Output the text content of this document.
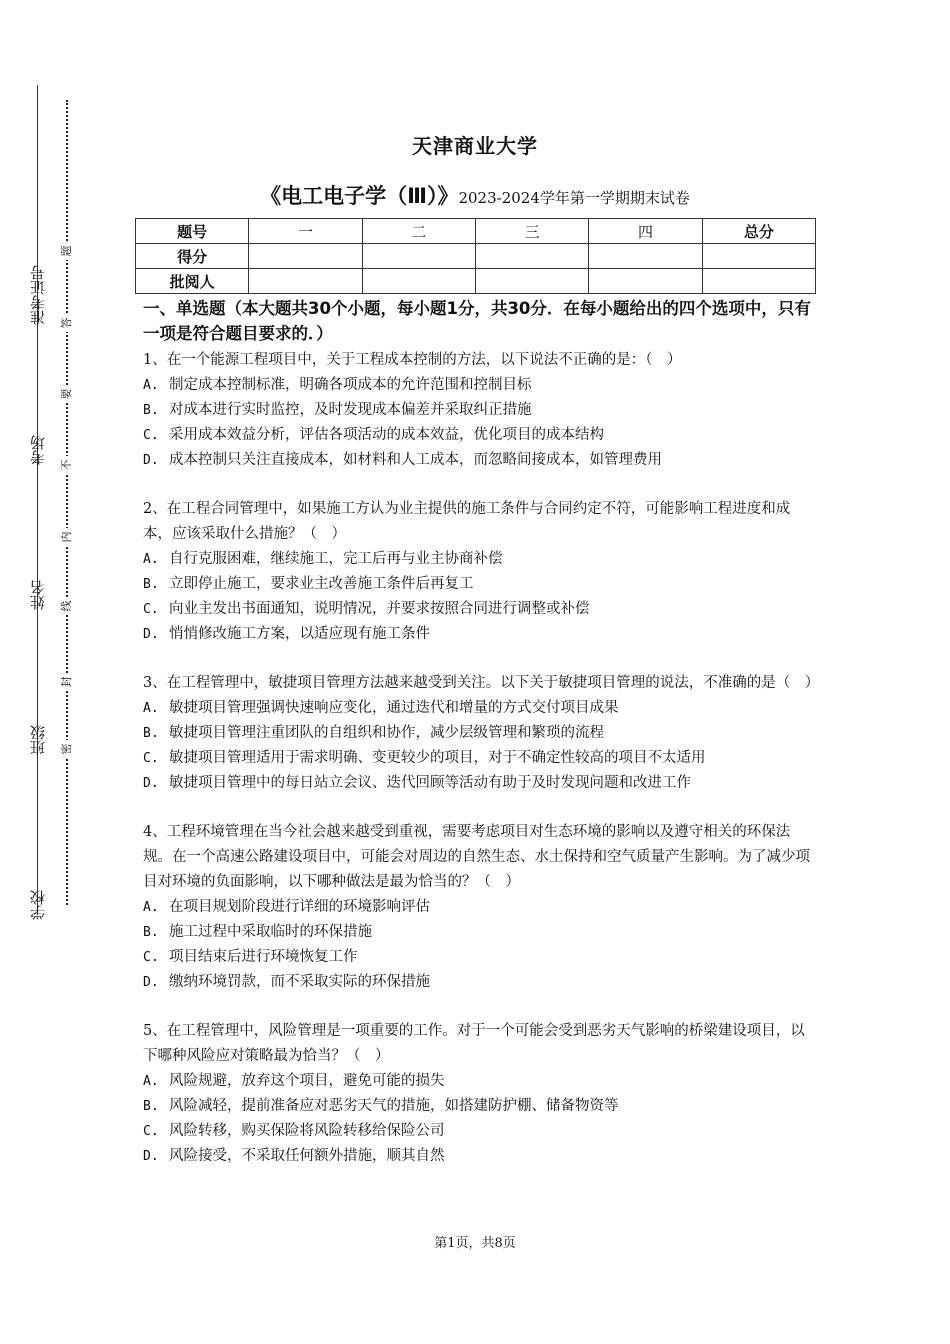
学校
班级
姓名
考场
准考证号
密
封
线
内
不
要
答
题
天津商业大学
《电工电子学（Ⅲ）》2023-2024学年第一学期期末试卷
题号	一	二	三	四	总分
得分					
批阅人					
一、单选题（本大题共30个小题，每小题1分，共30分．在每小题给出的四个选项中，只有一项是符合题目要求的．）
1、在一个能源工程项目中，关于工程成本控制的方法，以下说法不正确的是：（　）
A. 制定成本控制标准，明确各项成本的允许范围和控制目标
B. 对成本进行实时监控，及时发现成本偏差并采取纠正措施
C. 采用成本效益分析，评估各项活动的成本效益，优化项目的成本结构
D. 成本控制只关注直接成本，如材料和人工成本，而忽略间接成本，如管理费用
2、在工程合同管理中，如果施工方认为业主提供的施工条件与合同约定不符，可能影响工程进度和成本，应该采取什么措施？（　）
A. 自行克服困难，继续施工，完工后再与业主协商补偿
B. 立即停止施工，要求业主改善施工条件后再复工
C. 向业主发出书面通知，说明情况，并要求按照合同进行调整或补偿
D. 悄悄修改施工方案，以适应现有施工条件
3、在工程管理中，敏捷项目管理方法越来越受到关注。以下关于敏捷项目管理的说法，不准确的是（　）
A. 敏捷项目管理强调快速响应变化，通过迭代和增量的方式交付项目成果
B. 敏捷项目管理注重团队的自组织和协作，减少层级管理和繁琐的流程
C. 敏捷项目管理适用于需求明确、变更较少的项目，对于不确定性较高的项目不太适用
D. 敏捷项目管理中的每日站立会议、迭代回顾等活动有助于及时发现问题和改进工作
4、工程环境管理在当今社会越来越受到重视，需要考虑项目对生态环境的影响以及遵守相关的环保法规。在一个高速公路建设项目中，可能会对周边的自然生态、水土保持和空气质量产生影响。为了减少项目对环境的负面影响，以下哪种做法是最为恰当的？（　）
A. 在项目规划阶段进行详细的环境影响评估
B. 施工过程中采取临时的环保措施
C. 项目结束后进行环境恢复工作
D. 缴纳环境罚款，而不采取实际的环保措施
5、在工程管理中，风险管理是一项重要的工作。对于一个可能会受到恶劣天气影响的桥梁建设项目，以下哪种风险应对策略最为恰当？（　）
A. 风险规避，放弃这个项目，避免可能的损失
B. 风险减轻，提前准备应对恶劣天气的措施，如搭建防护棚、储备物资等
C. 风险转移，购买保险将风险转移给保险公司
D. 风险接受，不采取任何额外措施，顺其自然
第1页，共8页
